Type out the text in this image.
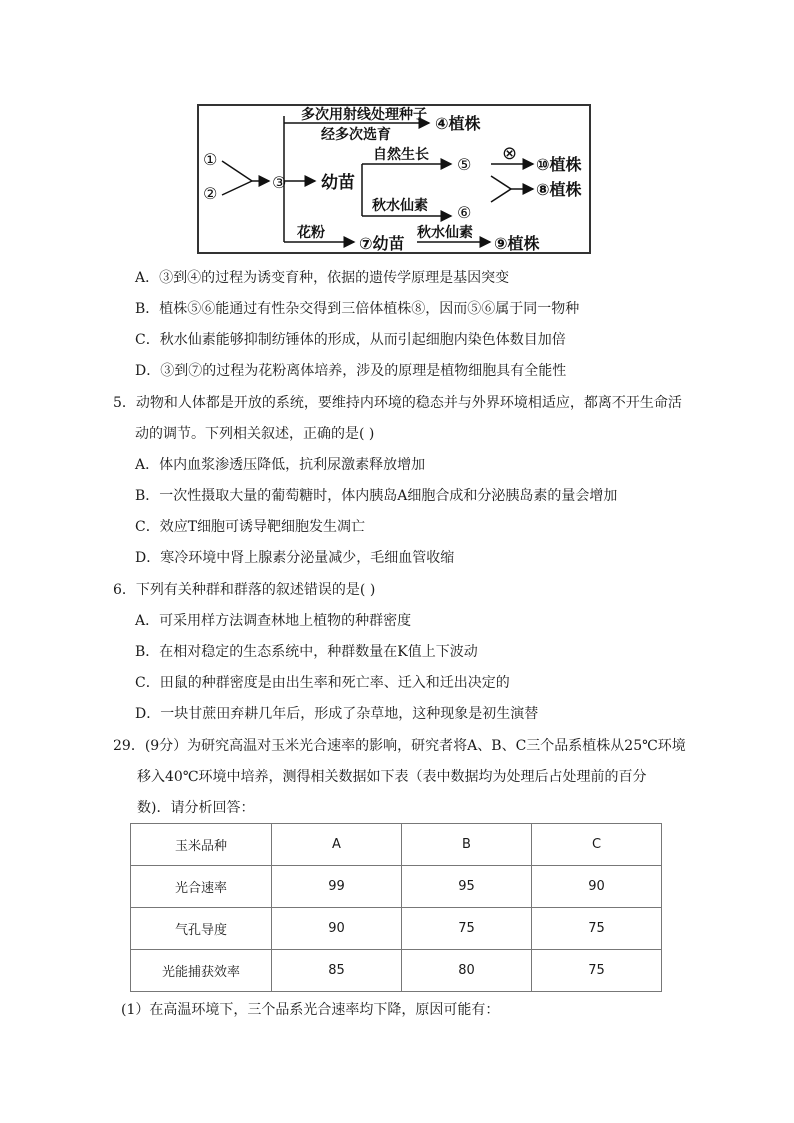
①
②
③
多次用射线处理种子
经多次选育
④植株
幼苗
自然生长 ⑤
秋水仙素 ⑥
⊗
⑩植株
⑧植株
花粉
⑦幼苗
秋水仙素
⑨植株
A．③到④的过程为诱变育种，依据的遗传学原理是基因突变
B．植株⑤⑥能通过有性杂交得到三倍体植株⑧，因而⑤⑥属于同一物种
C．秋水仙素能够抑制纺锤体的形成，从而引起细胞内染色体数目加倍
D．③到⑦的过程为花粉离体培养，涉及的原理是植物细胞具有全能性
5．动物和人体都是开放的系统，要维持内环境的稳态并与外界环境相适应，都离不开生命活
动的调节。下列相关叙述，正确的是( )
A．体内血浆渗透压降低，抗利尿激素释放增加
B．一次性摄取大量的葡萄糖时，体内胰岛A细胞合成和分泌胰岛素的量会增加
C．效应T细胞可诱导靶细胞发生凋亡
D．寒冷环境中肾上腺素分泌量减少，毛细血管收缩
6．下列有关种群和群落的叙述错误的是( )
A．可采用样方法调查林地上植物的种群密度
B．在相对稳定的生态系统中，种群数量在K值上下波动
C．田鼠的种群密度是由出生率和死亡率、迁入和迁出决定的
D．一块甘蔗田弃耕几年后，形成了杂草地，这种现象是初生演替
29．(9分）为研究高温对玉米光合速率的影响，研究者将A、B、C三个品系植株从25℃环境
移入40℃环境中培养，测得相关数据如下表（表中数据均为处理后占处理前的百分
数)．请分析回答：
玉米品种	A	B	C
光合速率	99	95	90
气孔导度	90	75	75
光能捕获效率	85	80	75
(1）在高温环境下，三个品系光合速率均下降，原因可能有：
